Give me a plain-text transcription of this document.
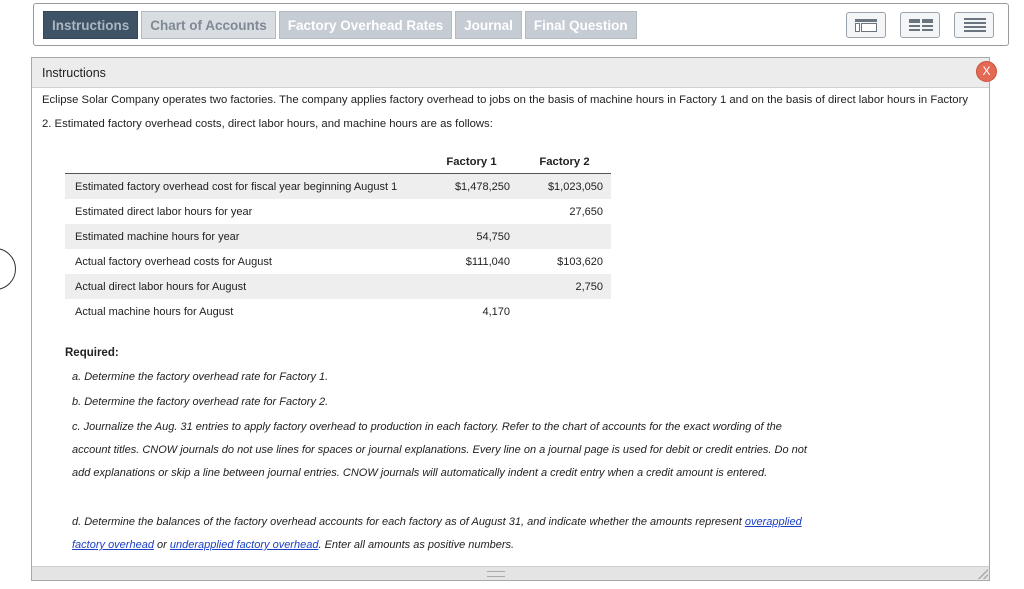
Instructions	Chart of Accounts	Factory Overhead Rates	Journal	Final Question
Instructions	X
Eclipse Solar Company operates two factories. The company applies factory overhead to jobs on the basis of machine hours in Factory 1 and on the basis of direct labor hours in Factory 2. Estimated factory overhead costs, direct labor hours, and machine hours are as follows:
	Factory 1	Factory 2
Estimated factory overhead cost for fiscal year beginning August 1	$1,478,250	$1,023,050
Estimated direct labor hours for year		27,650
Estimated machine hours for year	54,750	
Actual factory overhead costs for August	$111,040	$103,620
Actual direct labor hours for August		2,750
Actual machine hours for August	4,170	
Required:
a. Determine the factory overhead rate for Factory 1.
b. Determine the factory overhead rate for Factory 2.
c. Journalize the Aug. 31 entries to apply factory overhead to production in each factory. Refer to the chart of accounts for the exact wording of the account titles. CNOW journals do not use lines for spaces or journal explanations. Every line on a journal page is used for debit or credit entries. Do not add explanations or skip a line between journal entries. CNOW journals will automatically indent a credit entry when a credit amount is entered.
d. Determine the balances of the factory overhead accounts for each factory as of August 31, and indicate whether the amounts represent overapplied factory overhead or underapplied factory overhead. Enter all amounts as positive numbers.
